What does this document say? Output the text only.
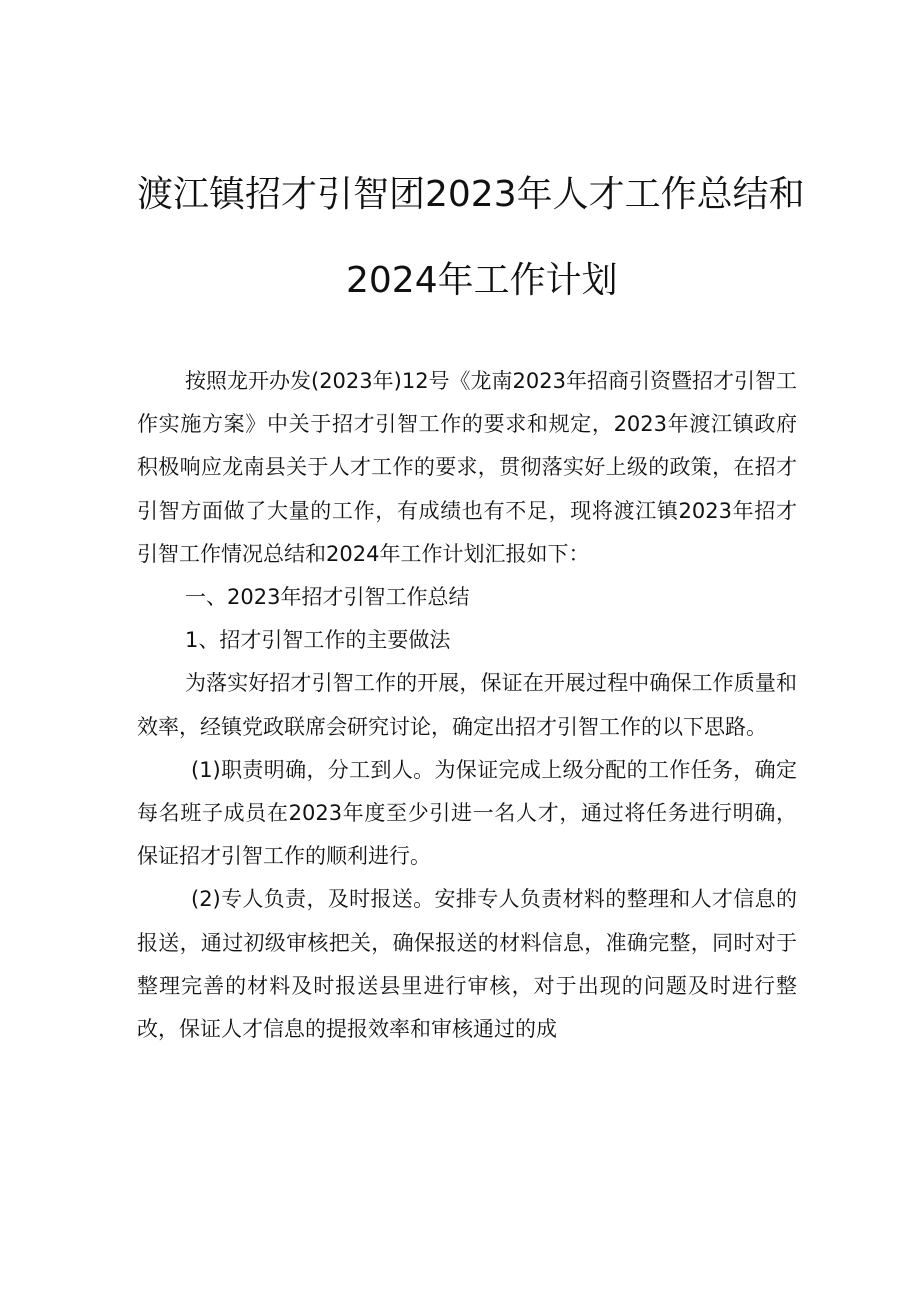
渡江镇招才引智团2023年人才工作总结和
2024年工作计划

按照龙开办发(2023年)12号《龙南2023年招商引资暨招才引智工作实施方案》中关于招才引智工作的要求和规定，2023年渡江镇政府积极响应龙南县关于人才工作的要求，贯彻落实好上级的政策，在招才引智方面做了大量的工作，有成绩也有不足，现将渡江镇2023年招才引智工作情况总结和2024年工作计划汇报如下：

一、2023年招才引智工作总结

1、招才引智工作的主要做法

为落实好招才引智工作的开展，保证在开展过程中确保工作质量和效率，经镇党政联席会研究讨论，确定出招才引智工作的以下思路。

(1)职责明确，分工到人。为保证完成上级分配的工作任务，确定每名班子成员在2023年度至少引进一名人才，通过将任务进行明确，保证招才引智工作的顺利进行。

(2)专人负责，及时报送。安排专人负责材料的整理和人才信息的报送，通过初级审核把关，确保报送的材料信息，准确完整，同时对于整理完善的材料及时报送县里进行审核，对于出现的问题及时进行整改，保证人才信息的提报效率和审核通过的成
